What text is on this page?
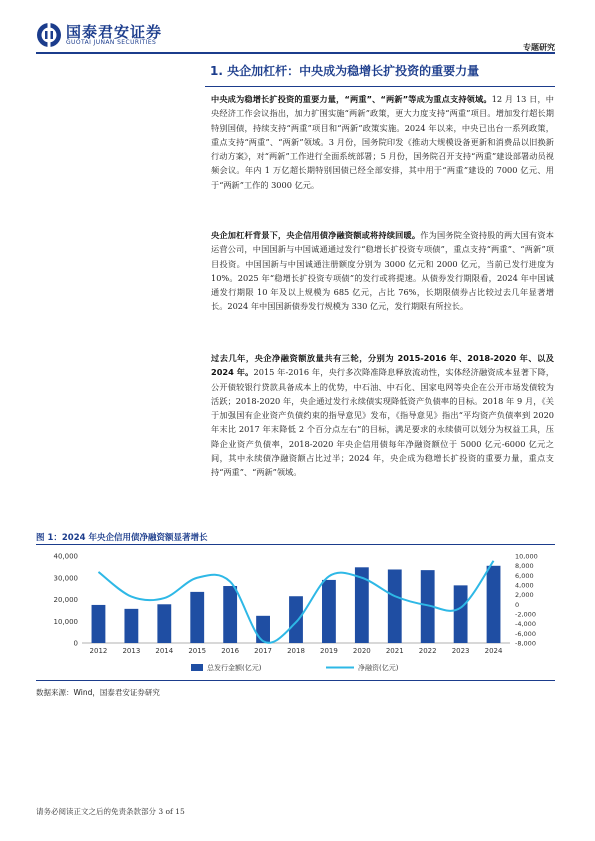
国泰君安证券
GUOTAI JUNAN SECURITIES
专题研究
1. 央企加杠杆：中央成为稳增长扩投资的重要力量

中央成为稳增长扩投资的重要力量，“两重”、“两新”等成为重点支持领域。12 月 13 日，中央经济工作会议指出，加力扩围实施“两新”政策，更大力度支持“两重”项目。增加发行超长期特别国债，持续支持“两重”项目和“两新”政策实施。2024 年以来，中央已出台一系列政策，重点支持“两重”、“两新”领域。3 月份，国务院印发《推动大规模设备更新和消费品以旧换新行动方案》，对“两新”工作进行全面系统部署；5 月份，国务院召开支持“两重”建设部署动员视频会议。年内 1 万亿超长期特别国债已经全部安排，其中用于“两重”建设的 7000 亿元、用于“两新”工作的 3000 亿元。

央企加杠杆背景下，央企信用债净融资额或将持续回暖。作为国务院全资持股的两大国有资本运营公司，中国国新与中国诚通通过发行“稳增长扩投资专项债”，重点支持“两重”、“两新”项目投资。中国国新与中国诚通注册额度分别为 3000 亿元和 2000 亿元，当前已发行进度为 10%。2025 年“稳增长扩投资专项债”的发行或将提速。从债券发行期限看，2024 年中国诚通发行期限 10 年及以上规模为 685 亿元，占比 76%，长期限债券占比较过去几年显著增长。2024 年中国国新债券发行规模为 330 亿元，发行期限有所拉长。

过去几年，央企净融资额放量共有三轮，分别为 2015-2016 年、2018-2020 年、以及 2024 年。2015 年-2016 年，央行多次降准降息释放流动性，实体经济融资成本显著下降，公开债较银行贷款具备成本上的优势，中石油、中石化、国家电网等央企在公开市场发债较为活跃；2018-2020 年，央企通过发行永续债实现降低资产负债率的目标。2018 年 9 月，《关于加强国有企业资产负债约束的指导意见》发布，《指导意见》指出“平均资产负债率到 2020 年末比 2017 年末降低 2 个百分点左右”的目标，满足要求的永续债可以划分为权益工具，压降企业资产负债率，2018-2020 年央企信用债每年净融资额位于 5000 亿元-6000 亿元之间，其中永续债净融资额占比过半；2024 年，央企成为稳增长扩投资的重要力量，重点支持“两重”、“两新”领域。

图 1：2024 年央企信用债净融资额显著增长
40,000
30,000
20,000
10,000
0
10,000
8,000
6,000
4,000
2,000
0
-2,000
-4,000
-6,000
-8,000
2012 2013 2014 2015 2016 2017 2018 2019 2020 2021 2022 2023 2024
总发行金额(亿元)	净融资(亿元)
数据来源：Wind，国泰君安证券研究
请务必阅读正文之后的免责条款部分 3 of 15
